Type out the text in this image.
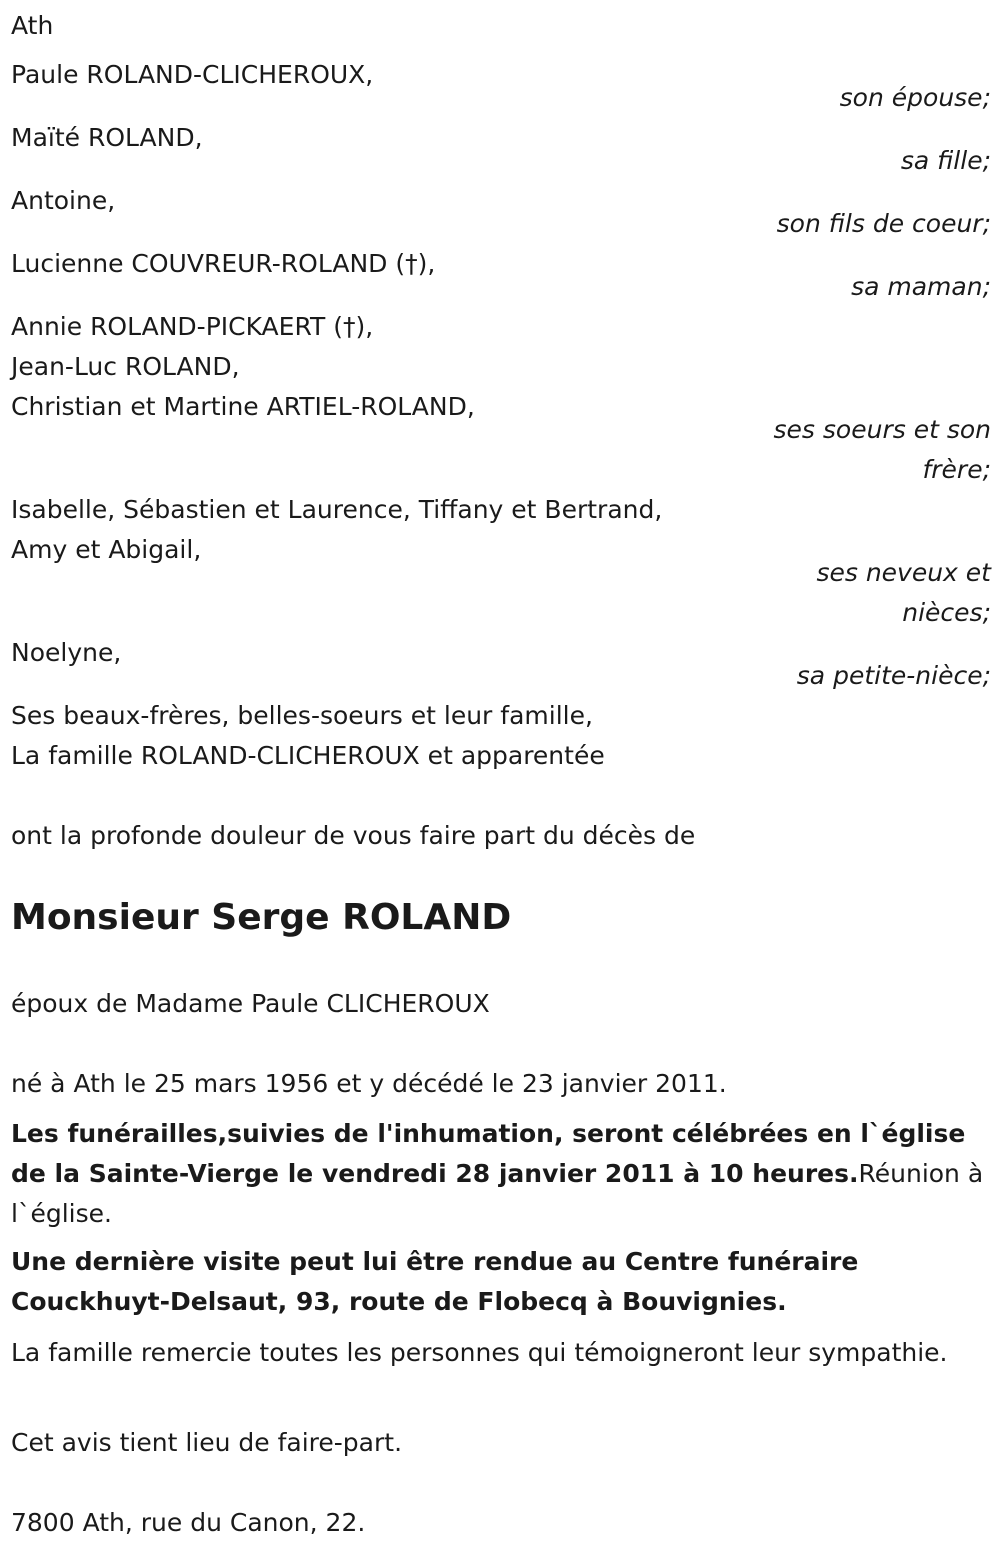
Ath
Paule ROLAND-CLICHEROUX,
son épouse;
Maïté ROLAND,
sa fille;
Antoine,
son fils de coeur;
Lucienne COUVREUR-ROLAND (†),
sa maman;
Annie ROLAND-PICKAERT (†),
Jean-Luc ROLAND,
Christian et Martine ARTIEL-ROLAND,
ses soeurs et son
frère;
Isabelle, Sébastien et Laurence, Tiffany et Bertrand,
Amy et Abigail,
ses neveux et
nièces;
Noelyne,
sa petite-nièce;
Ses beaux-frères, belles-soeurs et leur famille,
La famille ROLAND-CLICHEROUX et apparentée
ont la profonde douleur de vous faire part du décès de
Monsieur Serge ROLAND
époux de Madame Paule CLICHEROUX
né à Ath le 25 mars 1956 et y décédé le 23 janvier 2011.
Les funérailles,suivies de l'inhumation, seront célébrées en l`église de la Sainte-Vierge le vendredi 28 janvier 2011 à 10 heures.Réunion à l`église.
Une dernière visite peut lui être rendue au Centre funéraire Couckhuyt-Delsaut, 93, route de Flobecq à Bouvignies.
La famille remercie toutes les personnes qui témoigneront leur sympathie.
Cet avis tient lieu de faire-part.
7800 Ath, rue du Canon, 22.
